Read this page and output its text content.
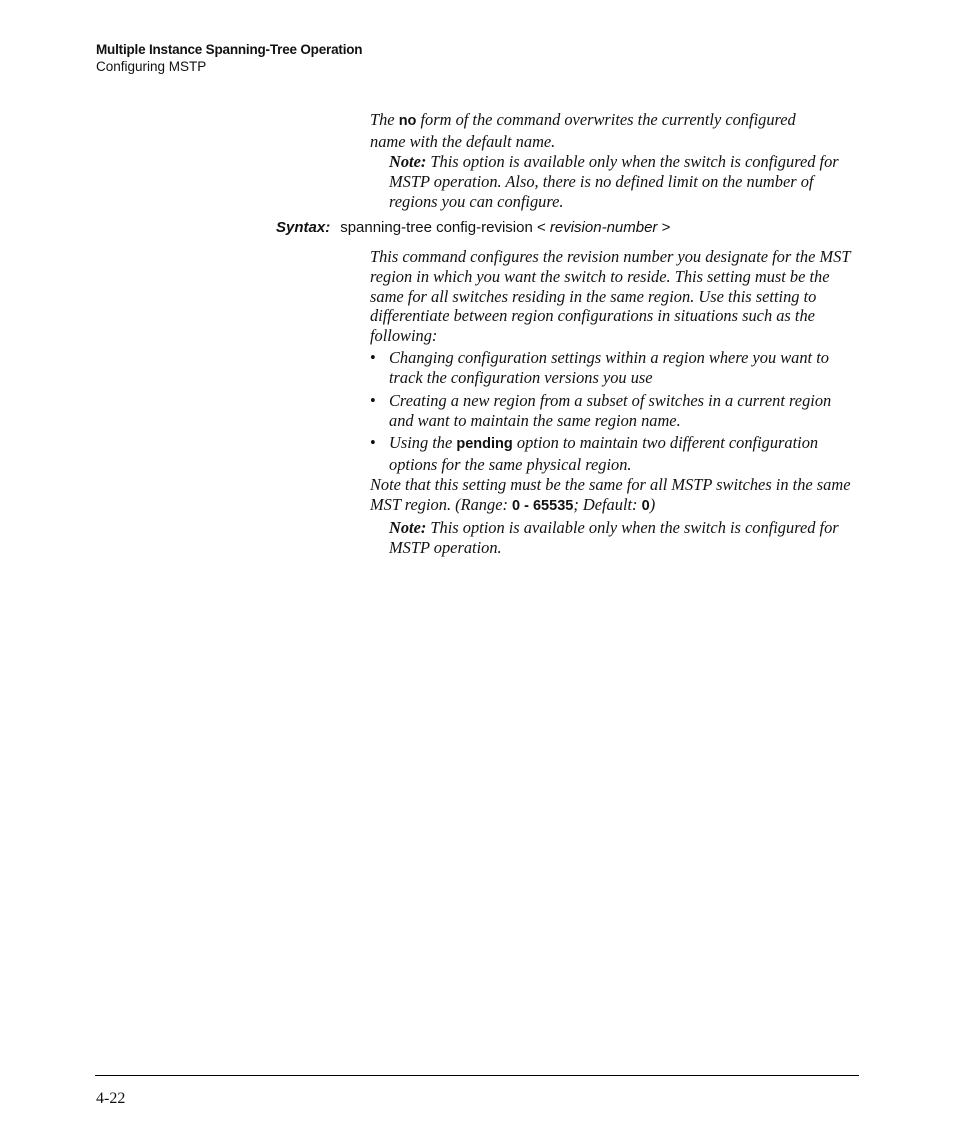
Multiple Instance Spanning-Tree Operation
Configuring MSTP
The no form of the command overwrites the currently configured name with the default name.
Note: This option is available only when the switch is configured for MSTP operation. Also, there is no defined limit on the number of regions you can configure.
Syntax: spanning-tree config-revision < revision-number >
This command configures the revision number you designate for the MST region in which you want the switch to reside. This setting must be the same for all switches residing in the same region. Use this setting to differentiate between region configurations in situations such as the following:
• Changing configuration settings within a region where you want to track the configuration versions you use
• Creating a new region from a subset of switches in a current region and want to maintain the same region name.
• Using the pending option to maintain two different configuration options for the same physical region.
Note that this setting must be the same for all MSTP switches in the same MST region. (Range: 0 - 65535; Default: 0)
Note: This option is available only when the switch is configured for MSTP operation.
4-22
